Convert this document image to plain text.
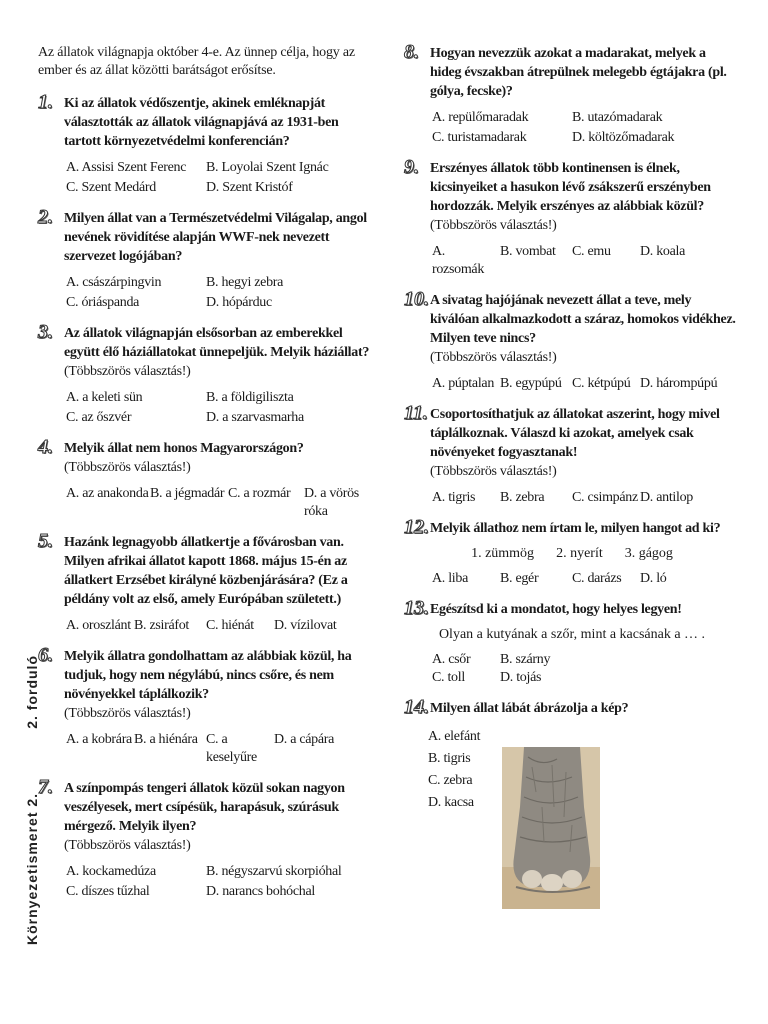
Környezetismeret 2.
2. forduló

Az állatok világnapja október 4-e. Az ünnep célja, hogy az ember és az állat közötti barátságot erősítse.

1. Ki az állatok védőszentje, akinek emléknapját választották az állatok világnapjává az 1931-ben tartott környezetvédelmi konferencián?

A. Assisi Szent Ferenc	B. Loyolai Szent Ignác
C. Szent Medárd	D. Szent Kristóf
2. Milyen állat van a Természetvédelmi Világalap, angol nevének rövidítése alapján WWF-nek nevezett szervezet logójában?

A. császárpingvin	B. hegyi zebra
C. óriáspanda	D. hópárduc
3. Az állatok világnapján elsősorban az emberekkel együtt élő háziállatokat ünnepeljük. Melyik háziállat? (Többszörös választás!)

A. a keleti sün	B. a földigiliszta
C. az őszvér	D. a szarvasmarha
4. Melyik állat nem honos Magyarországon?
(Többszörös választás!)

A. az anakonda B. a jégmadár C. a rozmár D. a vörös róka
5. Hazánk legnagyobb állatkertje a fővárosban van. Milyen afrikai állatot kapott 1868. május 15-én az állatkert Erzsébet királyné közbenjárására? (Ez a példány volt az első, amely Európában született.)

A. oroszlánt B. zsiráfot	C. hiénát	D. vízilovat
6. Melyik állatra gondolhattam az alábbiak közül, ha tudjuk, hogy nem négylábú, nincs csőre, és nem növényekkel táplálkozik?
(Többszörös választás!)

A. a kobrára B. a hiénára C. a keselyűre
D. a cápára
7. A színpompás tengeri állatok közül sokan nagyon veszélyesek, mert csípésük, harapásuk, szúrásuk mérgező. Melyik ilyen?
(Többszörös választás!)

A. kockamedúza	B. négyszarvú skorpióhal
C. díszes tűzhal	D. narancs bohóchal
8. Hogyan nevezzük azokat a madarakat, melyek a hideg évszakban átrepülnek melegebb égtájakra (pl. gólya, fecske)?

A. repülőmaradak	B. utazómadarak
C. turistamadarak	D. költözőmadarak
9. Erszényes állatok több kontinensen is élnek, kicsinyeiket a hasukon lévő zsákszerű erszényben hordozzák. Melyik erszényes az alábbiak közül? (Többszörös választás!)

A. rozsomák
B. vombat	C. emu	D. koala
10. A sivatag hajójának nevezett állat a teve, mely kiválóan alkalmazkodott a száraz, homokos vidékhez. Milyen teve nincs?
(Többszörös választás!)

A. púptalan B. egypúpú C. kétpúpú D. hárompúpú
11. Csoportosíthatjuk az állatokat aszerint, hogy mivel táplálkoznak. Válaszd ki azokat, amelyek csak növényeket fogyasztanak!
(Többszörös választás!)

A. tigris	B. zebra	C. csimpánz D. antilop
12. Melyik állathoz nem írtam le, milyen hangot ad ki?

1. zümmög 2. nyerít 3. gágog
A. liba	B. egér	C. darázs	D. ló
13. Egészítsd ki a mondatot, hogy helyes legyen!

Olyan a kutyának a szőr, mint a kacsának a … .

A. csőr	B. szárny
C. toll	D. tojás
14. Milyen állat lábát ábrázolja a kép?

A. elefánt
B. tigris
C. zebra
D. kacsa
